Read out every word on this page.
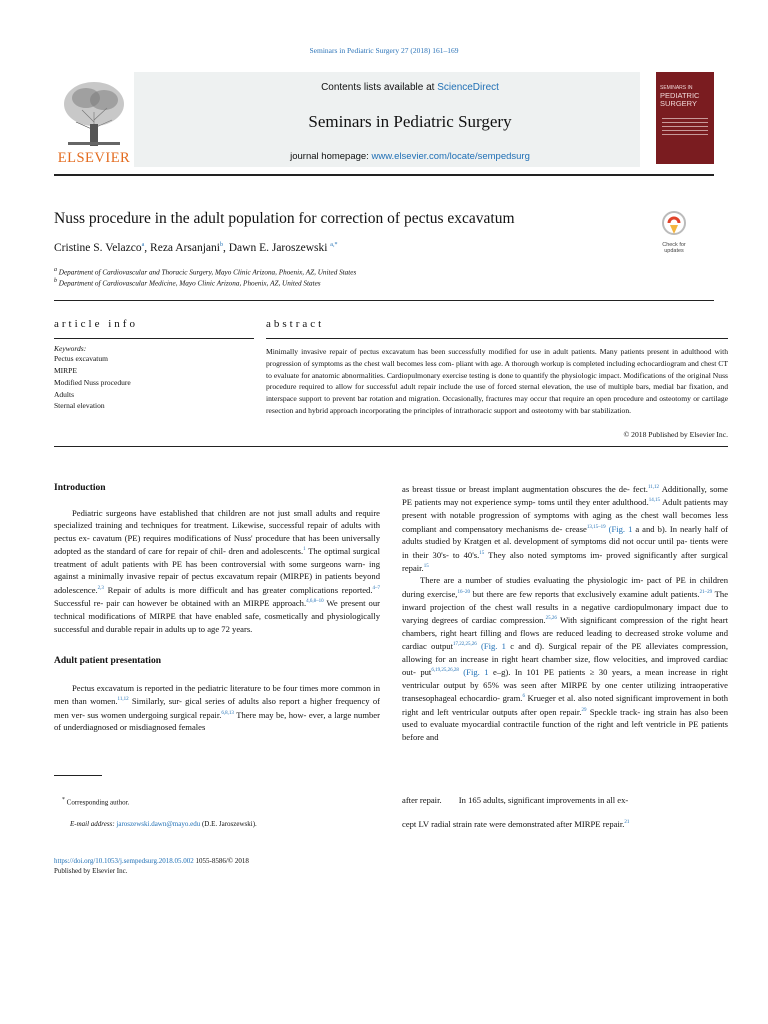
Seminars in Pediatric Surgery 27 (2018) 161–169
ELSEVIER
Contents lists available at ScienceDirect
Seminars in Pediatric Surgery
journal homepage: www.elsevier.com/locate/sempedsurg
SEMINARS IN
PEDIATRIC SURGERY
Nuss procedure in the adult population for correction of pectus excavatum
Check for updates
Cristine S. Velazco$^a$, Reza Arsanjani$^b$, Dawn E. Jaroszewski $^{a,*}$
$^a$ Department of Cardiovascular and Thoracic Surgery, Mayo Clinic Arizona, Phoenix, AZ, United States
$^b$ Department of Cardiovascular Medicine, Mayo Clinic Arizona, Phoenix, AZ, United States
article info
Keywords:
Pectus excavatum
MIRPE
Modified Nuss procedure
Adults
Sternal elevation
abstract
Minimally invasive repair of pectus excavatum has been successfully modified for use in adult patients. Many patients present in adulthood with progression of symptoms as the chest wall becomes less com- pliant with age. A thorough workup is completed including echocardiogram and chest CT to evaluate for anatomic abnormalities. Cardiopulmonary exercise testing is done to quantify the physiologic impact. Modifications of the original Nuss procedure required to allow for successful adult repair include the use of forced sternal elevation, the use of multiple bars, medial bar fixation, and interspace support to prevent bar rotation and migration. Occasionally, fractures may occur that require an open procedure and osteotomy or cartilage resection and hybrid approach incorporating the principles of intrathoracic support and osteotomy with bar stabilization.
© 2018 Published by Elsevier Inc.
Introduction

Pediatric surgeons have established that children are not just small adults and require specialized training and techniques for treatment. Likewise, successful repair of adults with pectus ex- cavatum (PE) requires modifications of Nuss' procedure that has been universally adopted as the standard of care for repair of chil- dren and adolescents.$^1$ The optimal surgical treatment of adult patients with PE has been controversial with some surgeons warn- ing against a minimally invasive repair of pectus excavatum repair (MIRPE) in patients beyond adolescence.$^{2,3}$ Repair of adults is more difficult and has greater complications reported.$^{4-7}$ Successful re- pair can however be obtained with an MIRPE approach.$^{4,6,8-10}$ We present our technical modifications of MIRPE that have enabled safe, cosmetically and physiologically successful and durable repair in adults up to age 72 years.

Adult patient presentation

Pectus excavatum is reported in the pediatric literature to be four times more common in men than women.$^{11,12}$ Similarly, sur- gical series of adults also report a higher frequency of men ver- sus women undergoing surgical repair.$^{6,8,13}$ There may be, how- ever, a large number of underdiagnosed or misdiagnosed females

* Corresponding author.
E-mail address: jaroszewski.dawn@mayo.edu (D.E. Jaroszewski).
https://doi.org/10.1053/j.sempedsurg.2018.05.002 1055-8586/© 2018 Published by Elsevier Inc.

as breast tissue or breast implant augmentation obscures the de- fect.$^{11,12}$ Additionally, some PE patients may not experience symp- toms until they enter adulthood.$^{14,15}$ Adult patients may present with notable progression of symptoms with aging as the chest wall becomes less compliant and compensatory mechanisms de- crease$^{13,15-19}$ (Fig. 1 a and b). In nearly half of adults studied by Kratgen et al. development of symptoms did not occur until pa- tients were in their 30's- to 40's.$^{15}$ They also noted symptoms im- proved significantly after surgical repair.$^{15}$

There are a number of studies evaluating the physiologic im- pact of PE in children during exercise,$^{16-20}$ but there are few reports that exclusively examine adult patients.$^{21-29}$ The inward projection of the chest wall results in a negative cardiopulmonary impact due to varying degrees of cardiac compression.$^{25,26}$ With significant compression of the right heart chambers, right heart filling and flows are reduced leading to decreased stroke volume and cardiac output$^{17,22,25,26}$ (Fig. 1 c and d). Surgical repair of the PE alleviates compression, allowing for an increase in right heart chamber size, flow velocities, and improved cardiac out- put$^{6,19,25,26,28}$ (Fig. 1 e–g). In 101 PE patients ≥ 30 years, a mean increase in right ventricular output by 65% was seen after MIRPE by one center utilizing intraoperative transesophageal echocardio- gram.$^6$ Krueger et al. also noted significant improvement in both right and left ventricular outputs after open repair.$^{29}$ Speckle track- ing strain has also been used to evaluate myocardial contractile function of the right and left ventricle in PE patients before and

after repair. In 165 adults, significant improvements in all ex-
cept LV radial strain rate were demonstrated after MIRPE repair.$^{21}$
